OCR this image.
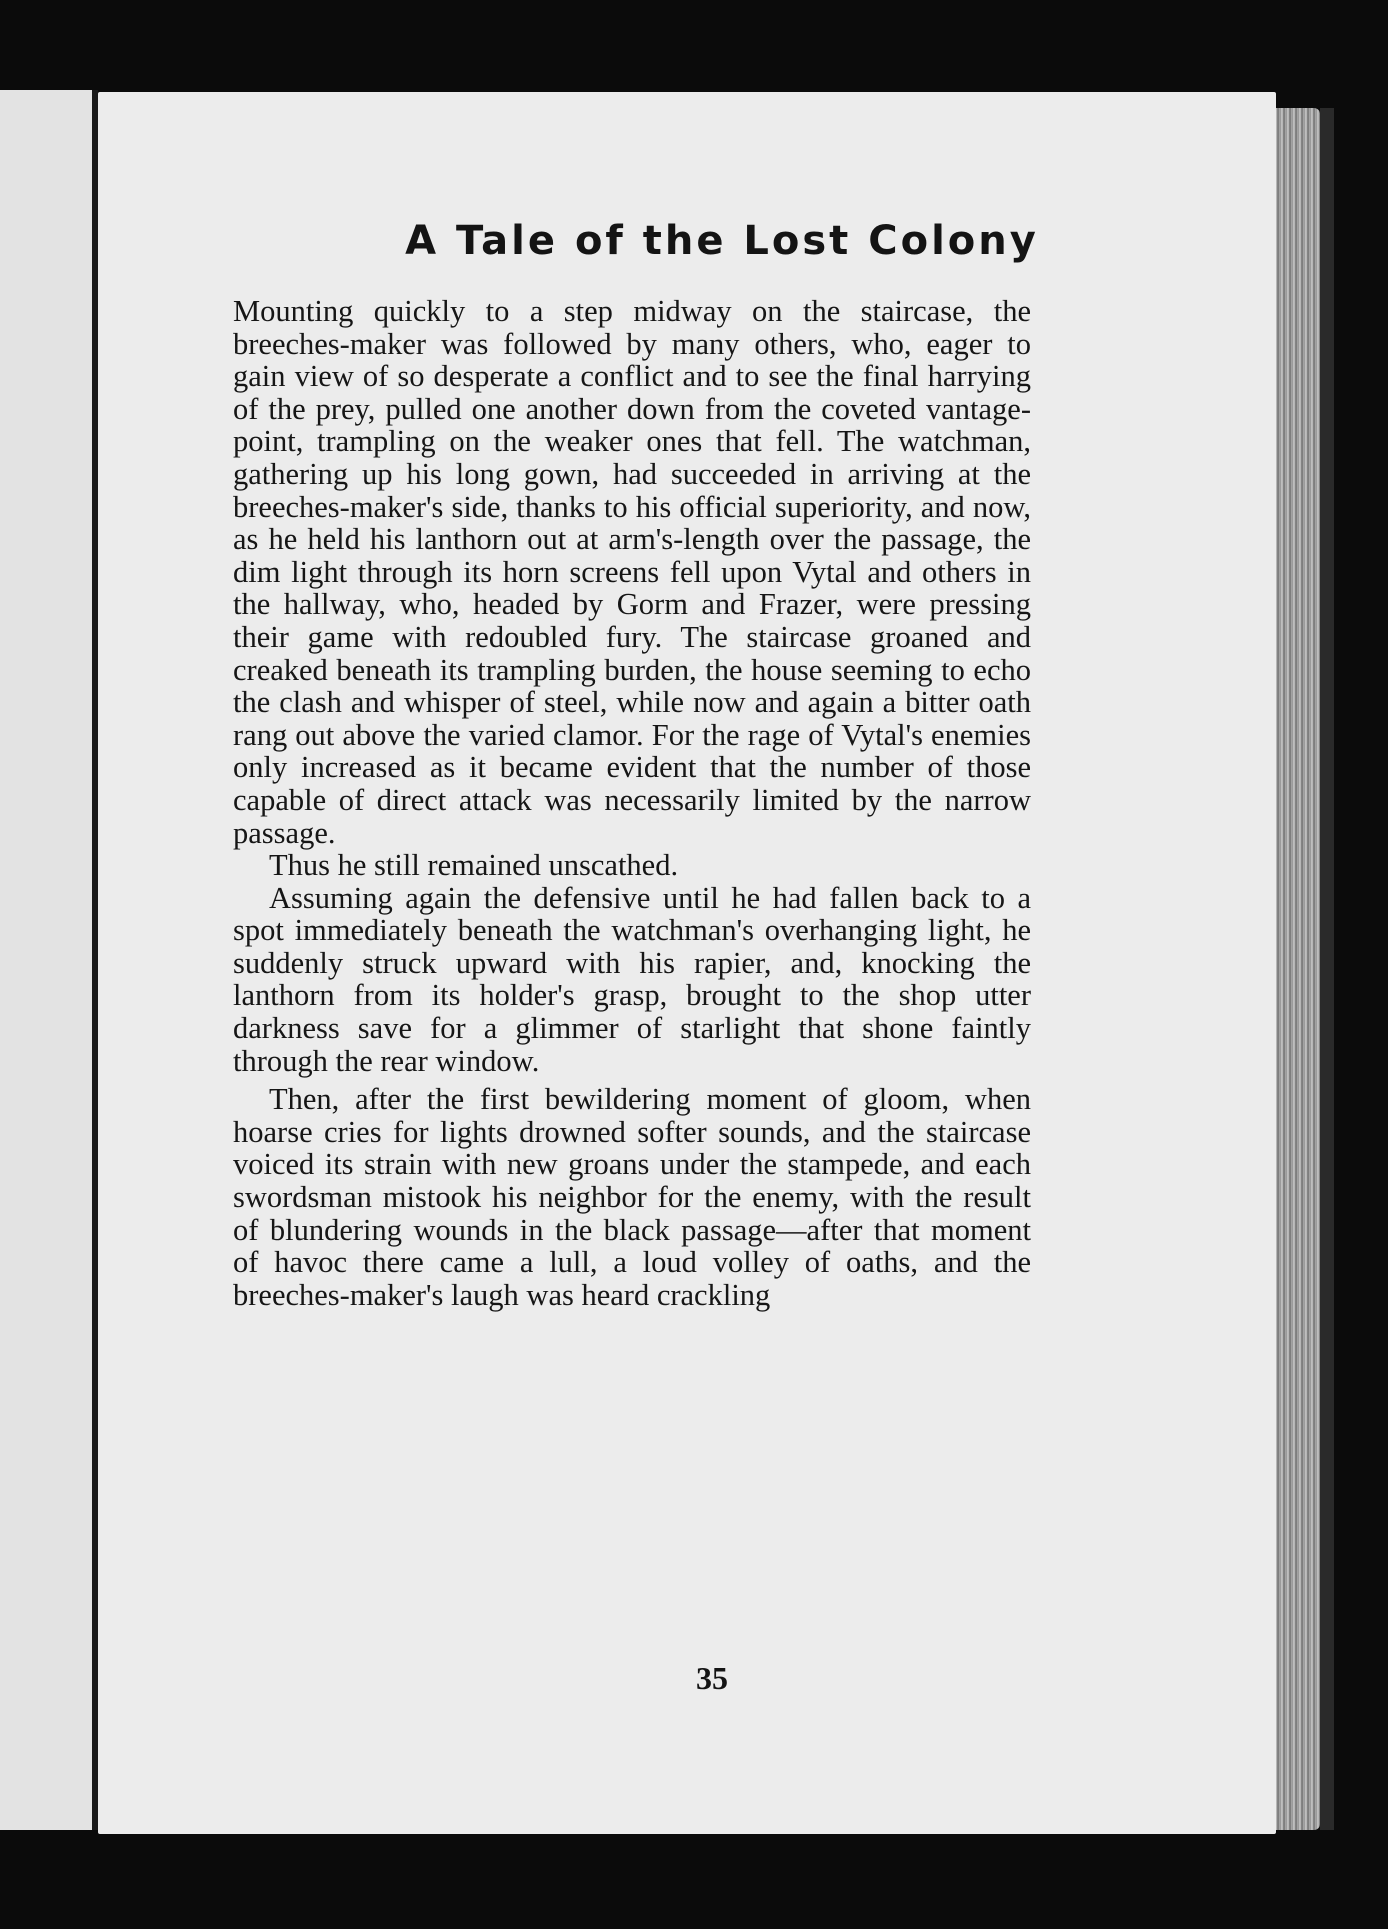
A Tale of the Lost Colony

Mounting quickly to a step midway on the staircase, the breeches-maker was followed by many others, who, eager to gain view of so desperate a conflict and to see the final harrying of the prey, pulled one another down from the coveted vantage-point, trampling on the weaker ones that fell. The watchman, gathering up his long gown, had succeeded in arriving at the breeches-maker's side, thanks to his official superiority, and now, as he held his lanthorn out at arm's-length over the passage, the dim light through its horn screens fell upon Vytal and others in the hallway, who, headed by Gorm and Frazer, were pressing their game with redoubled fury. The staircase groaned and creaked beneath its trampling burden, the house seeming to echo the clash and whisper of steel, while now and again a bitter oath rang out above the varied clamor. For the rage of Vytal's enemies only increased as it became evident that the number of those capable of direct attack was necessarily limited by the narrow passage.

Thus he still remained unscathed.

Assuming again the defensive until he had fallen back to a spot immediately beneath the watchman's overhanging light, he suddenly struck upward with his rapier, and, knocking the lanthorn from its holder's grasp, brought to the shop utter darkness save for a glimmer of starlight that shone faintly through the rear window.

Then, after the first bewildering moment of gloom, when hoarse cries for lights drowned softer sounds, and the staircase voiced its strain with new groans under the stampede, and each swordsman mistook his neighbor for the enemy, with the result of blundering wounds in the black passage—after that moment of havoc there came a lull, a loud volley of oaths, and the breeches-maker's laugh was heard crackling

35
